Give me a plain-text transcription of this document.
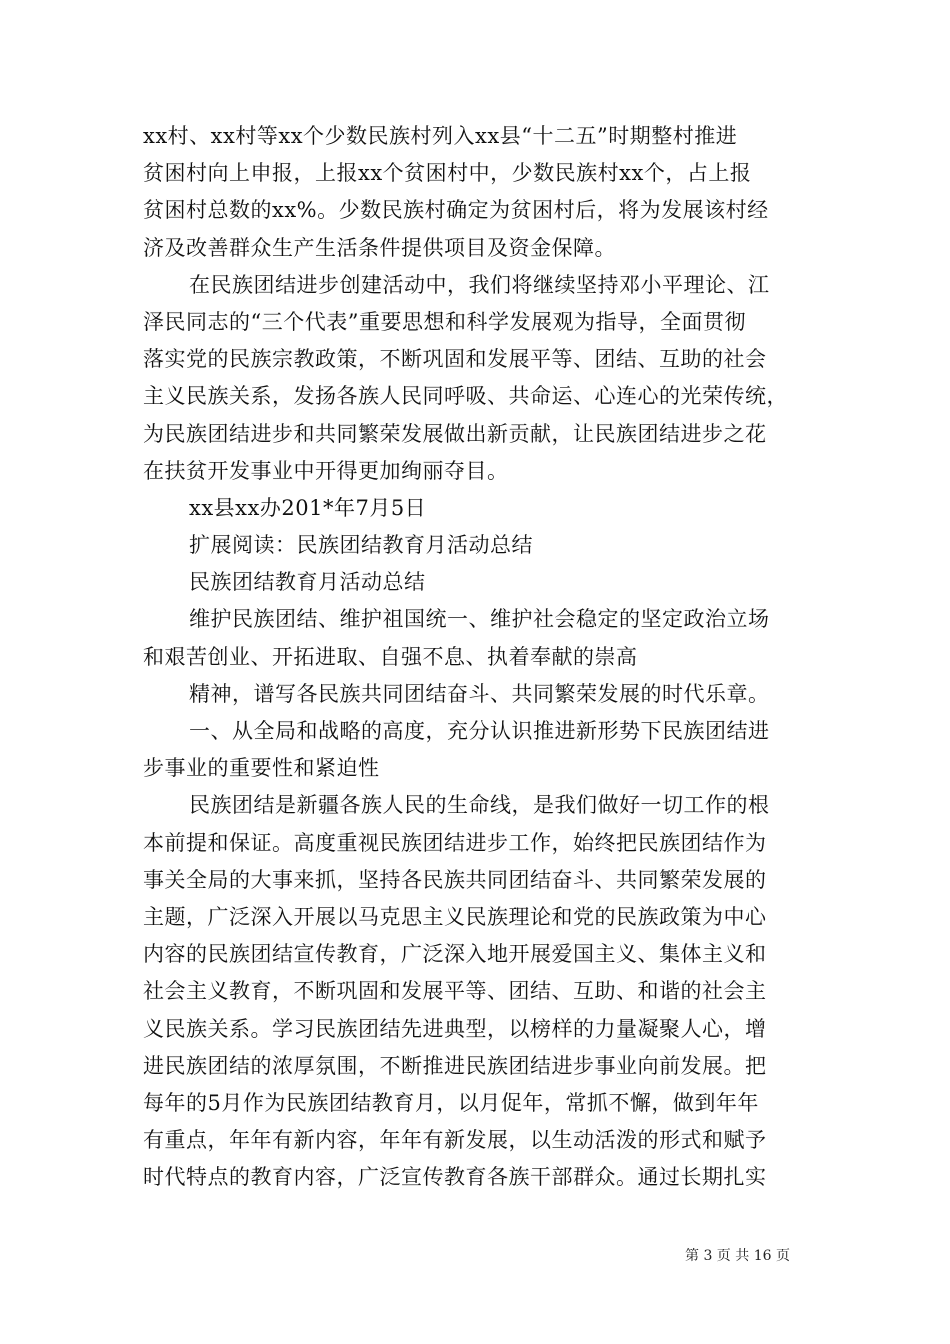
xx村、xx村等xx个少数民族村列入xx县“十二五”时期整村推进
贫困村向上申报，上报xx个贫困村中，少数民族村xx个，占上报
贫困村总数的xx%。少数民族村确定为贫困村后，将为发展该村经
济及改善群众生产生活条件提供项目及资金保障。
在民族团结进步创建活动中，我们将继续坚持邓小平理论、江
泽民同志的“三个代表”重要思想和科学发展观为指导，全面贯彻
落实党的民族宗教政策，不断巩固和发展平等、团结、互助的社会
主义民族关系，发扬各族人民同呼吸、共命运、心连心的光荣传统，
为民族团结进步和共同繁荣发展做出新贡献，让民族团结进步之花
在扶贫开发事业中开得更加绚丽夺目。
xx县xx办201*年7月5日
扩展阅读：民族团结教育月活动总结
民族团结教育月活动总结
维护民族团结、维护祖国统一、维护社会稳定的坚定政治立场
和艰苦创业、开拓进取、自强不息、执着奉献的崇高
精神，谱写各民族共同团结奋斗、共同繁荣发展的时代乐章。
一、从全局和战略的高度，充分认识推进新形势下民族团结进
步事业的重要性和紧迫性
民族团结是新疆各族人民的生命线，是我们做好一切工作的根
本前提和保证。高度重视民族团结进步工作，始终把民族团结作为
事关全局的大事来抓，坚持各民族共同团结奋斗、共同繁荣发展的
主题，广泛深入开展以马克思主义民族理论和党的民族政策为中心
内容的民族团结宣传教育，广泛深入地开展爱国主义、集体主义和
社会主义教育，不断巩固和发展平等、团结、互助、和谐的社会主
义民族关系。学习民族团结先进典型，以榜样的力量凝聚人心，增
进民族团结的浓厚氛围，不断推进民族团结进步事业向前发展。把
每年的5月作为民族团结教育月，以月促年，常抓不懈，做到年年
有重点，年年有新内容，年年有新发展，以生动活泼的形式和赋予
时代特点的教育内容，广泛宣传教育各族干部群众。通过长期扎实
第 3 页 共 16 页
